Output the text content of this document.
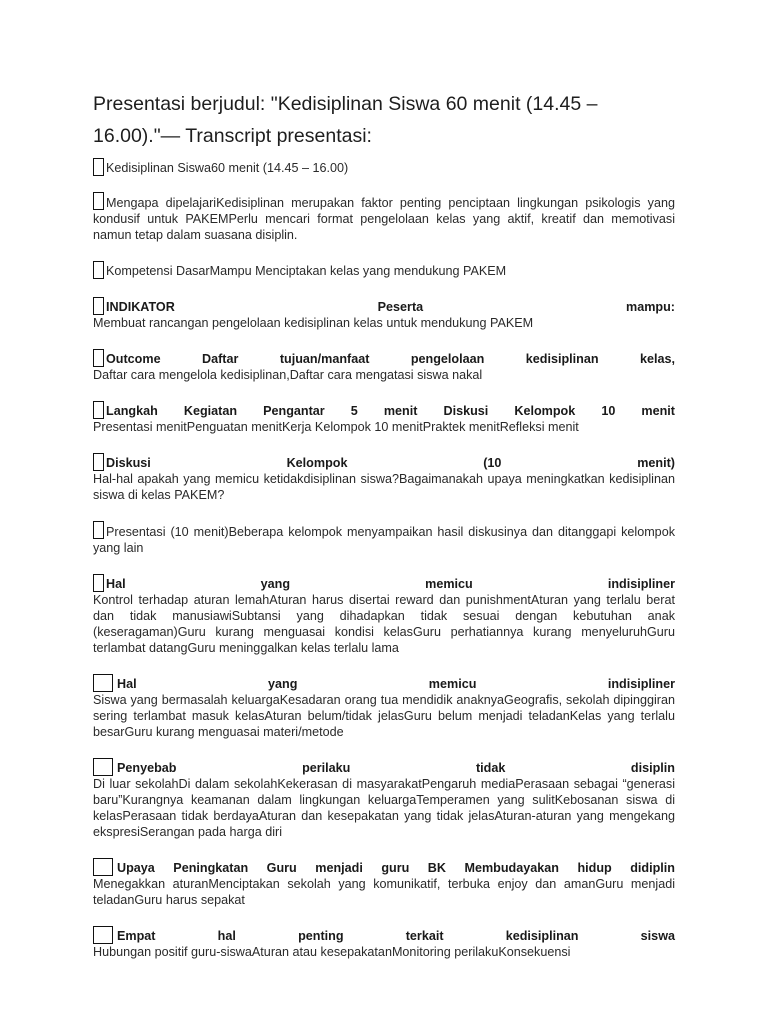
Presentasi berjudul: "Kedisiplinan Siswa 60 menit (14.45 – 16.00)."— Transcript presentasi:
Kedisiplinan Siswa60 menit (14.45 – 16.00)
Mengapa dipelajariKedisiplinan merupakan faktor penting penciptaan lingkungan psikologis yang kondusif untuk PAKEMPerlu mencari format pengelolaan kelas yang aktif, kreatif dan memotivasi namun tetap dalam suasana disiplin.
Kompetensi DasarMampu Menciptakan kelas yang mendukung PAKEM
INDIKATOR Peserta mampu:
Membuat rancangan pengelolaan kedisiplinan kelas untuk mendukung PAKEM
Outcome Daftar tujuan/manfaat pengelolaan kedisiplinan kelas,
Daftar cara mengelola kedisiplinan,Daftar cara mengatasi siswa nakal
Langkah Kegiatan Pengantar 5 menit Diskusi Kelompok 10 menit
Presentasi menitPenguatan menitKerja Kelompok 10 menitPraktek menitRefleksi menit
Diskusi Kelompok (10 menit)
Hal-hal apakah yang memicu ketidakdisiplinan siswa?Bagaimanakah upaya meningkatkan kedisiplinan siswa di kelas PAKEM?
Presentasi (10 menit)Beberapa kelompok menyampaikan hasil diskusinya dan ditanggapi kelompok yang lain
Hal yang memicu indisipliner
Kontrol terhadap aturan lemahAturan harus disertai reward dan punishmentAturan yang terlalu berat dan tidak manusiawiSubtansi yang dihadapkan tidak sesuai dengan kebutuhan anak (keseragaman)Guru kurang menguasai kondisi kelasGuru perhatiannya kurang menyeluruhGuru terlambat datangGuru meninggalkan kelas terlalu lama
Hal yang memicu indisipliner
Siswa yang bermasalah keluargaKesadaran orang tua mendidik anaknyaGeografis, sekolah dipinggiran sering terlambat masuk kelasAturan belum/tidak jelasGuru belum menjadi teladanKelas yang terlalu besarGuru kurang menguasai materi/metode
Penyebab perilaku tidak disiplin
Di luar sekolahDi dalam sekolahKekerasan di masyarakatPengaruh mediaPerasaan sebagai “generasi baru”Kurangnya keamanan dalam lingkungan keluargaTemperamen yang sulitKebosanan siswa di kelasPerasaan tidak berdayaAturan dan kesepakatan yang tidak jelasAturan-aturan yang mengekang ekspresiSerangan pada harga diri
Upaya Peningkatan Guru menjadi guru BK Membudayakan hidup didiplin
Menegakkan aturanMenciptakan sekolah yang komunikatif, terbuka enjoy dan amanGuru menjadi teladanGuru harus sepakat
Empat hal penting terkait kedisiplinan siswa
Hubungan positif guru-siswaAturan atau kesepakatanMonitoring perilakuKonsekuensi
